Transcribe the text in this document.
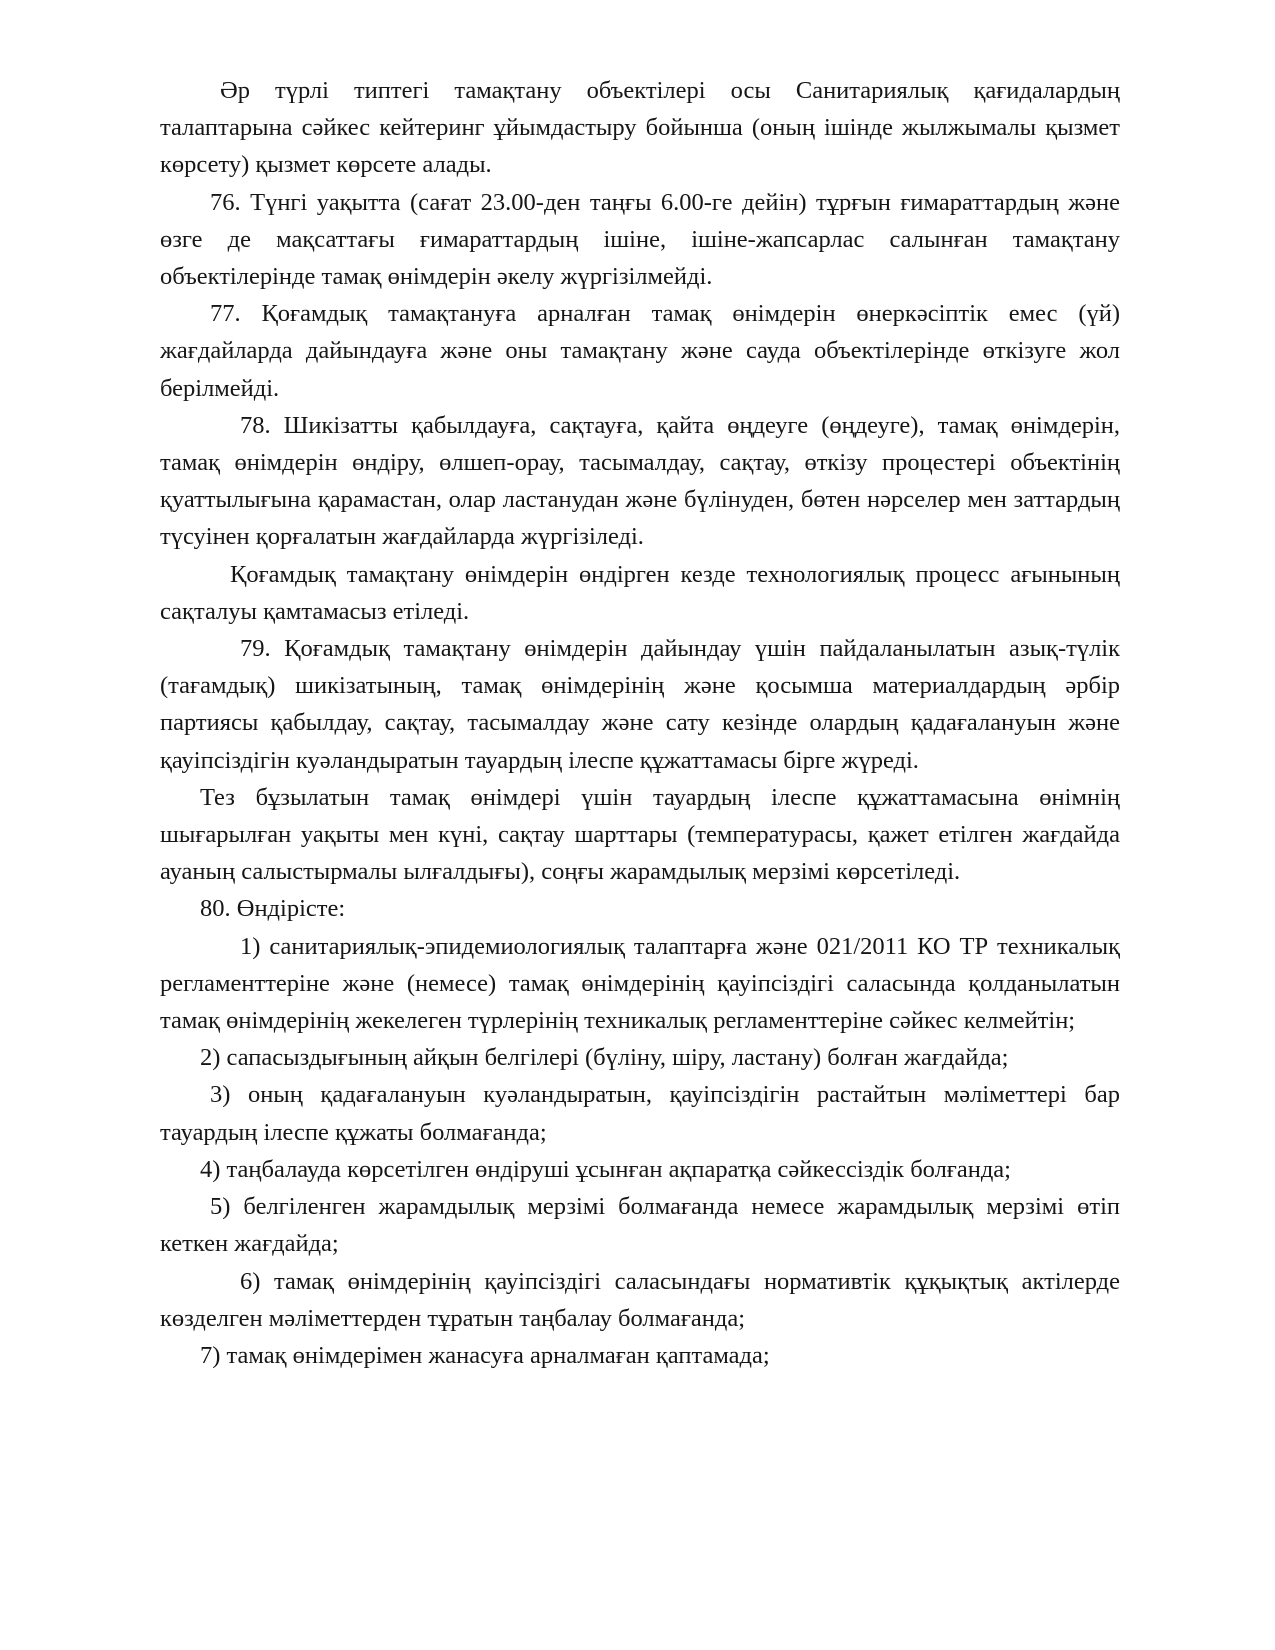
Әр түрлі типтегі тамақтану объектілері осы Санитариялық қағидалардың талаптарына сәйкес кейтеринг ұйымдастыру бойынша (оның ішінде жылжымалы қызмет көрсету) қызмет көрсете алады.

76. Түнгі уақытта (сағат 23.00-ден таңғы 6.00-ге дейін) тұрғын ғимараттардың және өзге де мақсаттағы ғимараттардың ішіне, ішіне-жапсарлас салынған тамақтану объектілерінде тамақ өнімдерін әкелу жүргізілмейді.

77. Қоғамдық тамақтануға арналған тамақ өнімдерін өнеркәсіптік емес (үй) жағдайларда дайындауға және оны тамақтану және сауда объектілерінде өткізуге жол берілмейді.

78. Шикізатты қабылдауға, сақтауға, қайта өңдеуге (өңдеуге), тамақ өнімдерін, тамақ өнімдерін өндіру, өлшеп-орау, тасымалдау, сақтау, өткізу процестері объектінің қуаттылығына қарамастан, олар ластанудан және бүлінуден, бөтен нәрселер мен заттардың түсуінен қорғалатын жағдайларда жүргізіледі.

Қоғамдық тамақтану өнімдерін өндірген кезде технологиялық процесс ағынының сақталуы қамтамасыз етіледі.

79. Қоғамдық тамақтану өнімдерін дайындау үшін пайдаланылатын азық-түлік (тағамдық) шикізатының, тамақ өнімдерінің және қосымша материалдардың әрбір партиясы қабылдау, сақтау, тасымалдау және сату кезінде олардың қадағалануын және қауіпсіздігін куәландыратын тауардың ілеспе құжаттамасы бірге жүреді.

Тез бұзылатын тамақ өнімдері үшін тауардың ілеспе құжаттамасына өнімнің шығарылған уақыты мен күні, сақтау шарттары (температурасы, қажет етілген жағдайда ауаның салыстырмалы ылғалдығы), соңғы жарамдылық мерзімі көрсетіледі.

80. Өндірісте:

1) санитариялық-эпидемиологиялық талаптарға және 021/2011 КО ТР техникалық регламенттеріне және (немесе) тамақ өнімдерінің қауіпсіздігі саласында қолданылатын тамақ өнімдерінің жекелеген түрлерінің техникалық регламенттеріне сәйкес келмейтін;

2) сапасыздығының айқын белгілері (бүліну, шіру, ластану) болған жағдайда;

3) оның қадағалануын куәландыратын, қауіпсіздігін растайтын мәліметтері бар тауардың ілеспе құжаты болмағанда;

4) таңбалауда көрсетілген өндіруші ұсынған ақпаратқа сәйкессіздік болғанда;

5) белгіленген жарамдылық мерзімі болмағанда немесе жарамдылық мерзімі өтіп кеткен жағдайда;

6) тамақ өнімдерінің қауіпсіздігі саласындағы нормативтік құқықтық актілерде көзделген мәліметтерден тұратын таңбалау болмағанда;

7) тамақ өнімдерімен жанасуға арналмаған қаптамада;
